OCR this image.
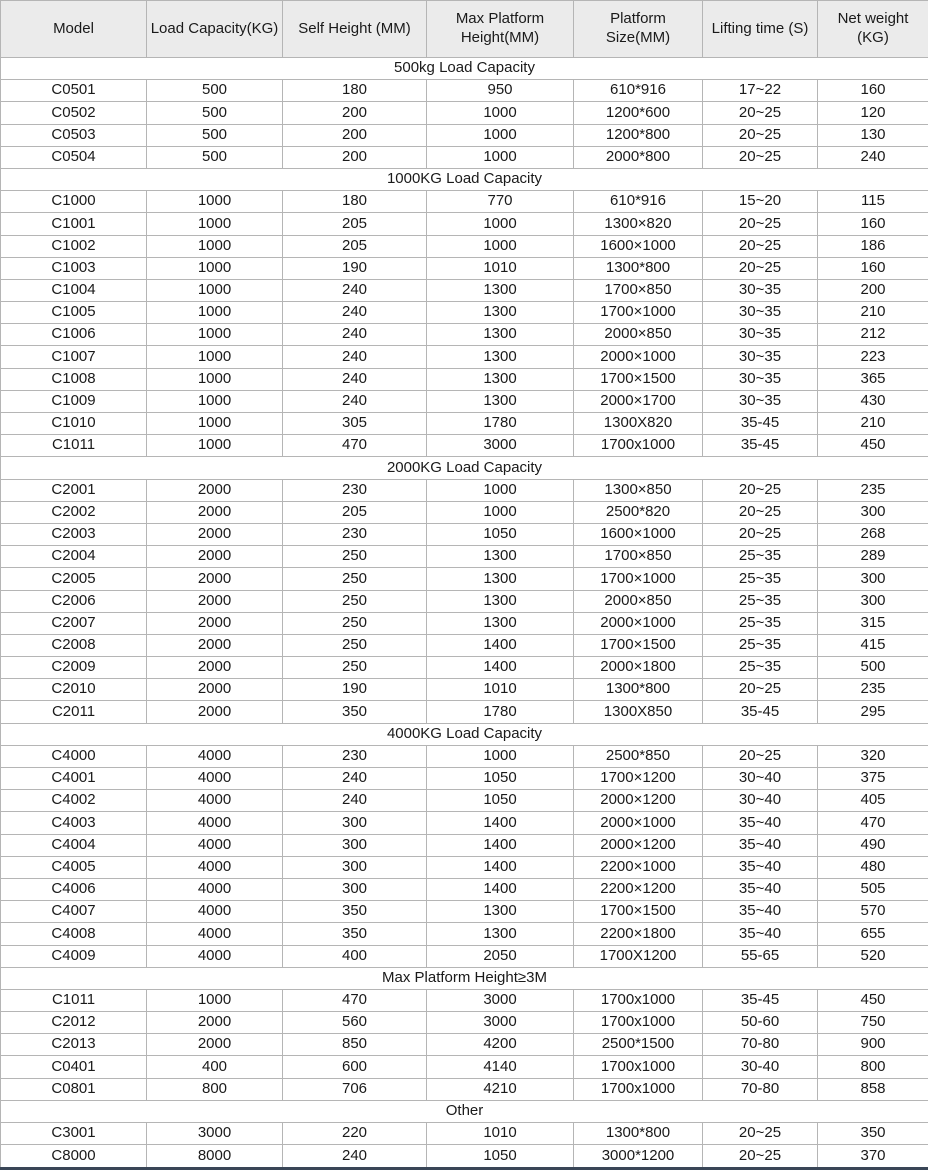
Model	Load Capacity(KG)	Self Height (MM)	Max Platform Height(MM)	Platform Size(MM)	Lifting time (S)	Net weight (KG)
500kg Load Capacity						
C0501	500	180	950	610*916	17~22	160
C0502	500	200	1000	1200*600	20~25	120
C0503	500	200	1000	1200*800	20~25	130
C0504	500	200	1000	2000*800	20~25	240
1000KG Load Capacity						
C1000	1000	180	770	610*916	15~20	115
C1001	1000	205	1000	1300×820	20~25	160
C1002	1000	205	1000	1600×1000	20~25	186
C1003	1000	190	1010	1300*800	20~25	160
C1004	1000	240	1300	1700×850	30~35	200
C1005	1000	240	1300	1700×1000	30~35	210
C1006	1000	240	1300	2000×850	30~35	212
C1007	1000	240	1300	2000×1000	30~35	223
C1008	1000	240	1300	1700×1500	30~35	365
C1009	1000	240	1300	2000×1700	30~35	430
C1010	1000	305	1780	1300X820	35-45	210
C1011	1000	470	3000	1700x1000	35-45	450
2000KG Load Capacity						
C2001	2000	230	1000	1300×850	20~25	235
C2002	2000	205	1000	2500*820	20~25	300
C2003	2000	230	1050	1600×1000	20~25	268
C2004	2000	250	1300	1700×850	25~35	289
C2005	2000	250	1300	1700×1000	25~35	300
C2006	2000	250	1300	2000×850	25~35	300
C2007	2000	250	1300	2000×1000	25~35	315
C2008	2000	250	1400	1700×1500	25~35	415
C2009	2000	250	1400	2000×1800	25~35	500
C2010	2000	190	1010	1300*800	20~25	235
C2011	2000	350	1780	1300X850	35-45	295
4000KG Load Capacity						
C4000	4000	230	1000	2500*850	20~25	320
C4001	4000	240	1050	1700×1200	30~40	375
C4002	4000	240	1050	2000×1200	30~40	405
C4003	4000	300	1400	2000×1000	35~40	470
C4004	4000	300	1400	2000×1200	35~40	490
C4005	4000	300	1400	2200×1000	35~40	480
C4006	4000	300	1400	2200×1200	35~40	505
C4007	4000	350	1300	1700×1500	35~40	570
C4008	4000	350	1300	2200×1800	35~40	655
C4009	4000	400	2050	1700X1200	55-65	520
Max Platform Height≥3M						
C1011	1000	470	3000	1700x1000	35-45	450
C2012	2000	560	3000	1700x1000	50-60	750
C2013	2000	850	4200	2500*1500	70-80	900
C0401	400	600	4140	1700x1000	30-40	800
C0801	800	706	4210	1700x1000	70-80	858
Other						
C3001	3000	220	1010	1300*800	20~25	350
C8000	8000	240	1050	3000*1200	20~25	370
